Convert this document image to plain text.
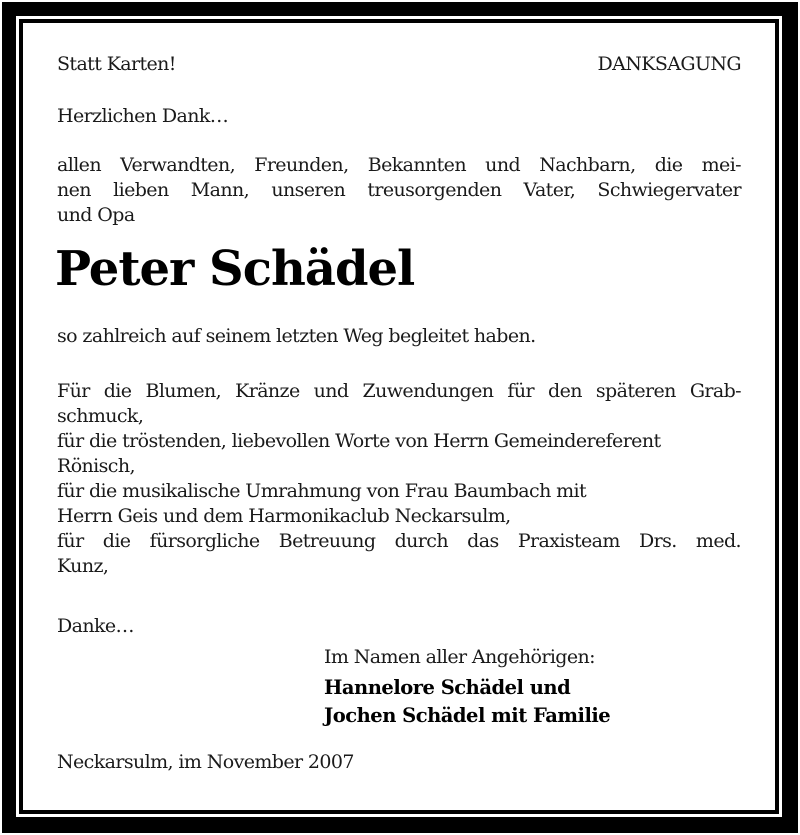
Statt Karten!	DANKSAGUNG

Herzlichen Dank…

allen Verwandten, Freunden, Bekannten und Nachbarn, die mei-
nen lieben Mann, unseren treusorgenden Vater, Schwiegervater
und Opa
Peter Schädel

so zahlreich auf seinem letzten Weg begleitet haben.

Für die Blumen, Kränze und Zuwendungen für den späteren Grab-
schmuck,
für die tröstenden, liebevollen Worte von Herrn Gemeindereferent
Rönisch,
für die musikalische Umrahmung von Frau Baumbach mit
Herrn Geis und dem Harmonikaclub Neckarsulm,
für die fürsorgliche Betreuung durch das Praxisteam Drs. med.
Kunz,

Danke…

Im Namen aller Angehörigen:
Hannelore Schädel und
Jochen Schädel mit Familie

Neckarsulm, im November 2007
